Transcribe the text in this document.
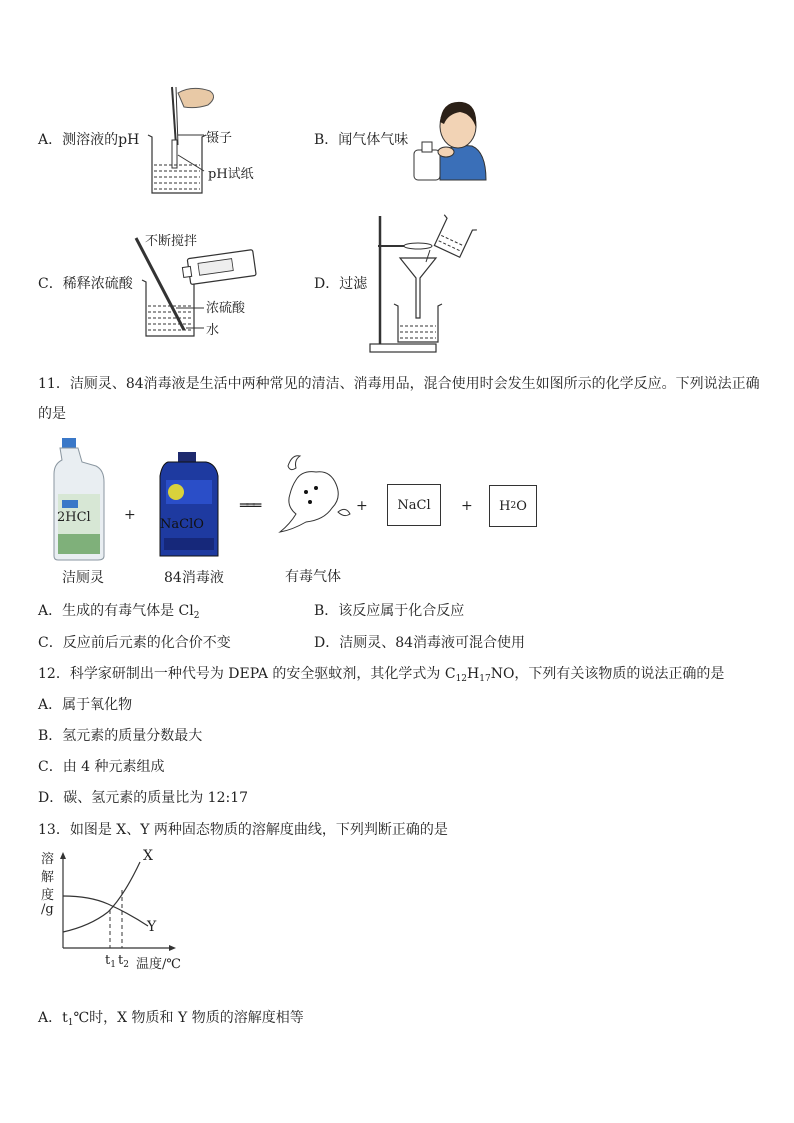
A．测溶液的pH	镊子
pH试纸
B．闻气体气味
C．稀释浓硫酸
不断搅拌
浓硫酸
水
D．过滤
11．洁厕灵、84消毒液是生活中两种常见的清洁、消毒用品，混合使用时会发生如图所示的化学反应。下列说法正确
的是
2HCl
洁厕灵
+
NaClO
84消毒液
═══
有毒气体
+	NaCl	+ H 2 O
A．生成的有毒气体是 $Cl_2$	B．该反应属于化合反应
C．反应前后元素的化合价不变	D．洁厕灵、84消毒液可混合使用
12．科学家研制出一种代号为 DEPA 的安全驱蚊剂，其化学式为 $C_{12}H_{17}NO$，下列有关该物质的说法正确的是
A．属于氧化物
B．氢元素的质量分数最大
C．由 4 种元素组成
D．碳、氢元素的质量比为 12:17
13．如图是 X、Y 两种固态物质的溶解度曲线，下列判断正确的是
溶
解
度
/g
X
Y
$t_1$ $t_2$ 温度/℃
A．$t_1℃$时，X 物质和 Y 物质的溶解度相等
